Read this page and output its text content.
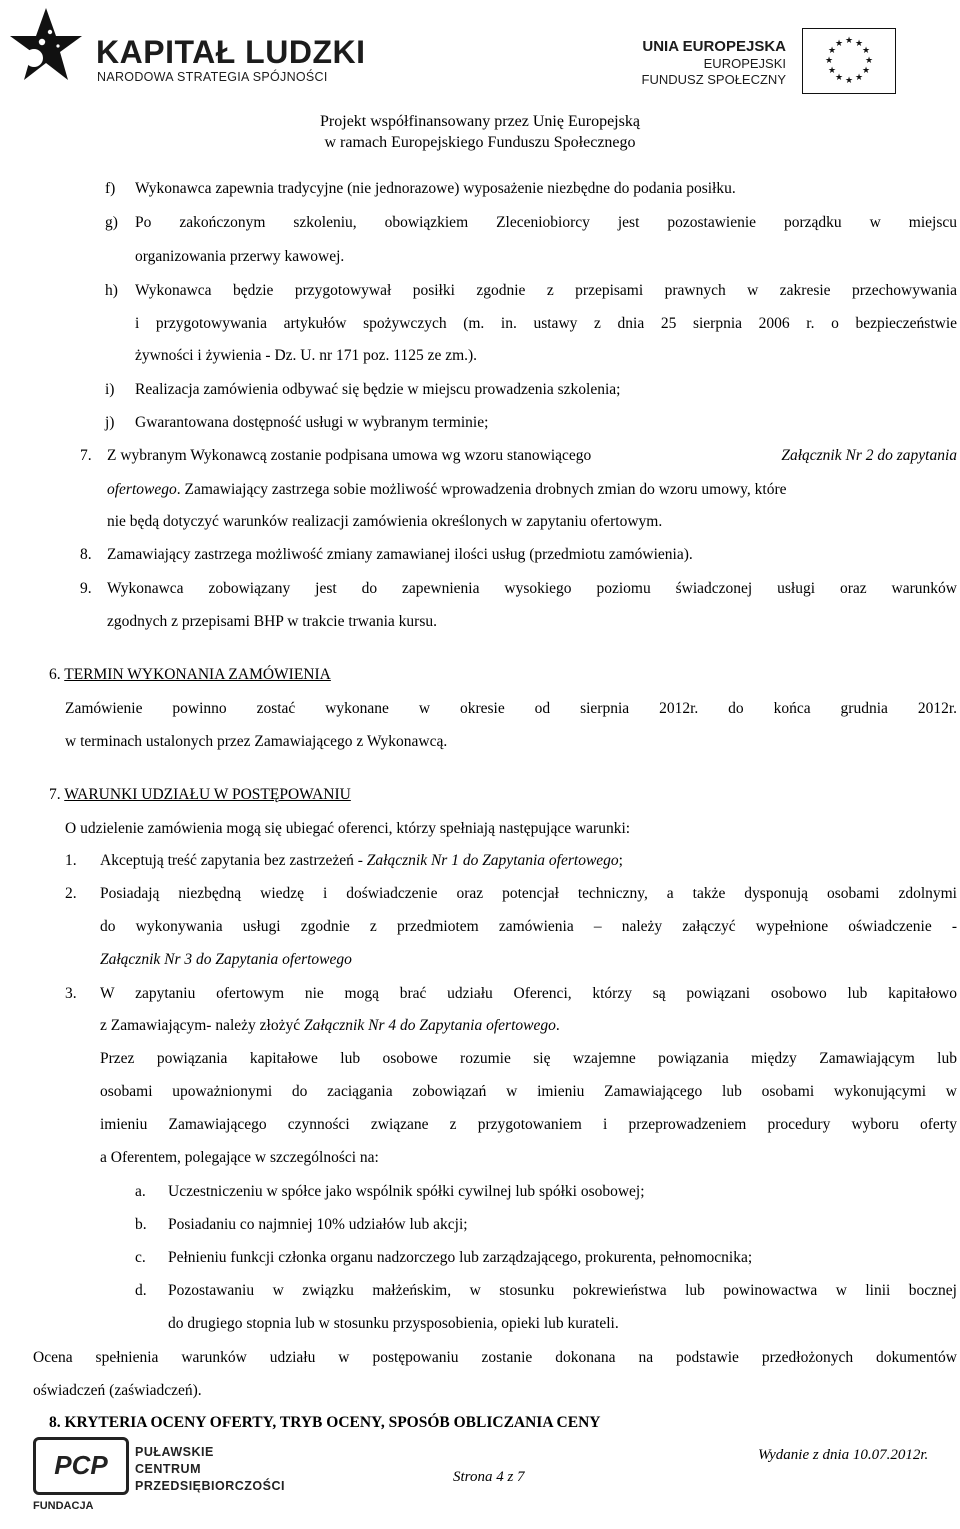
KAPITAŁ LUDZKI
NARODOWA STRATEGIA SPÓJNOŚCI
UNIA EUROPEJSKA
EUROPEJSKI
FUNDUSZ SPOŁECZNY
★ ★
★
★
★
★
★
★
★
★
★
★
Projekt współfinansowany przez Unię Europejską
w ramach Europejskiego Funduszu Społecznego
f) Wykonawca zapewnia tradycyjne (nie jednorazowe) wyposażenie niezbędne do podania posiłku.
g) Po zakończonym szkoleniu, obowiązkiem Zleceniobiorcy jest pozostawienie porządku w miejscu
organizowania przerwy kawowej.
h) Wykonawca będzie przygotowywał posiłki zgodnie z przepisami prawnych w zakresie przechowywania
i przygotowywania artykułów spożywczych (m. in. ustawy z dnia 25 sierpnia 2006 r. o bezpieczeństwie
żywności i żywienia - Dz. U. nr 171 poz. 1125 ze zm.).
i) Realizacja zamówienia odbywać się będzie w miejscu prowadzenia szkolenia;
j) Gwarantowana dostępność usługi w wybranym terminie;
7. Z wybranym Wykonawcą zostanie podpisana umowa wg wzoru stanowiącego	Załącznik Nr 2 do zapytania
ofertowego. Zamawiający zastrzega sobie możliwość wprowadzenia drobnych zmian do wzoru umowy, które
nie będą dotyczyć warunków realizacji zamówienia określonych w zapytaniu ofertowym.
8. Zamawiający zastrzega możliwość zmiany zamawianej ilości usług (przedmiotu zamówienia).
9. Wykonawca zobowiązany jest do zapewnienia wysokiego poziomu świadczonej usługi oraz warunków
zgodnych z przepisami BHP w trakcie trwania kursu.
6. TERMIN WYKONANIA ZAMÓWIENIA
Zamówienie powinno zostać wykonane w okresie od sierpnia 2012r. do końca grudnia 2012r.
w terminach ustalonych przez Zamawiającego z Wykonawcą.
7. WARUNKI UDZIAŁU W POSTĘPOWANIU
O udzielenie zamówienia mogą się ubiegać oferenci, którzy spełniają następujące warunki:
1. Akceptują treść zapytania bez zastrzeżeń - Załącznik Nr 1 do Zapytania ofertowego;
2. Posiadają niezbędną wiedzę i doświadczenie oraz potencjał techniczny, a także dysponują osobami zdolnymi
do wykonywania usługi zgodnie z przedmiotem zamówienia – należy załączyć wypełnione oświadczenie -
Załącznik Nr 3 do Zapytania ofertowego
3. W zapytaniu ofertowym nie mogą brać udziału Oferenci, którzy są powiązani osobowo lub kapitałowo
z Zamawiającym- należy złożyć Załącznik Nr 4 do Zapytania ofertowego.
Przez powiązania kapitałowe lub osobowe rozumie się wzajemne powiązania między Zamawiającym lub
osobami upoważnionymi do zaciągania zobowiązań w imieniu Zamawiającego lub osobami wykonującymi w
imieniu Zamawiającego czynności związane z przygotowaniem i przeprowadzeniem procedury wyboru oferty
a Oferentem, polegające w szczególności na:
a. Uczestniczeniu w spółce jako wspólnik spółki cywilnej lub spółki osobowej;
b. Posiadaniu co najmniej 10% udziałów lub akcji;
c. Pełnieniu funkcji członka organu nadzorczego lub zarządzającego, prokurenta, pełnomocnika;
d. Pozostawaniu w związku małżeńskim, w stosunku pokrewieństwa lub powinowactwa w linii bocznej
do drugiego stopnia lub w stosunku przysposobienia, opieki lub kurateli.
Ocena spełnienia warunków udziału w postępowaniu zostanie dokonana na podstawie przedłożonych dokumentów
oświadczeń (zaświadczeń).
8. KRYTERIA OCENY OFERTY, TRYB OCENY, SPOSÓB OBLICZANIA CENY
PUŁAWSKIE
CENTRUM
PRZEDSIĘBIORCZOŚCI
PCP
FUNDACJA
Strona 4 z 7
Wydanie z dnia 10.07.2012r.
